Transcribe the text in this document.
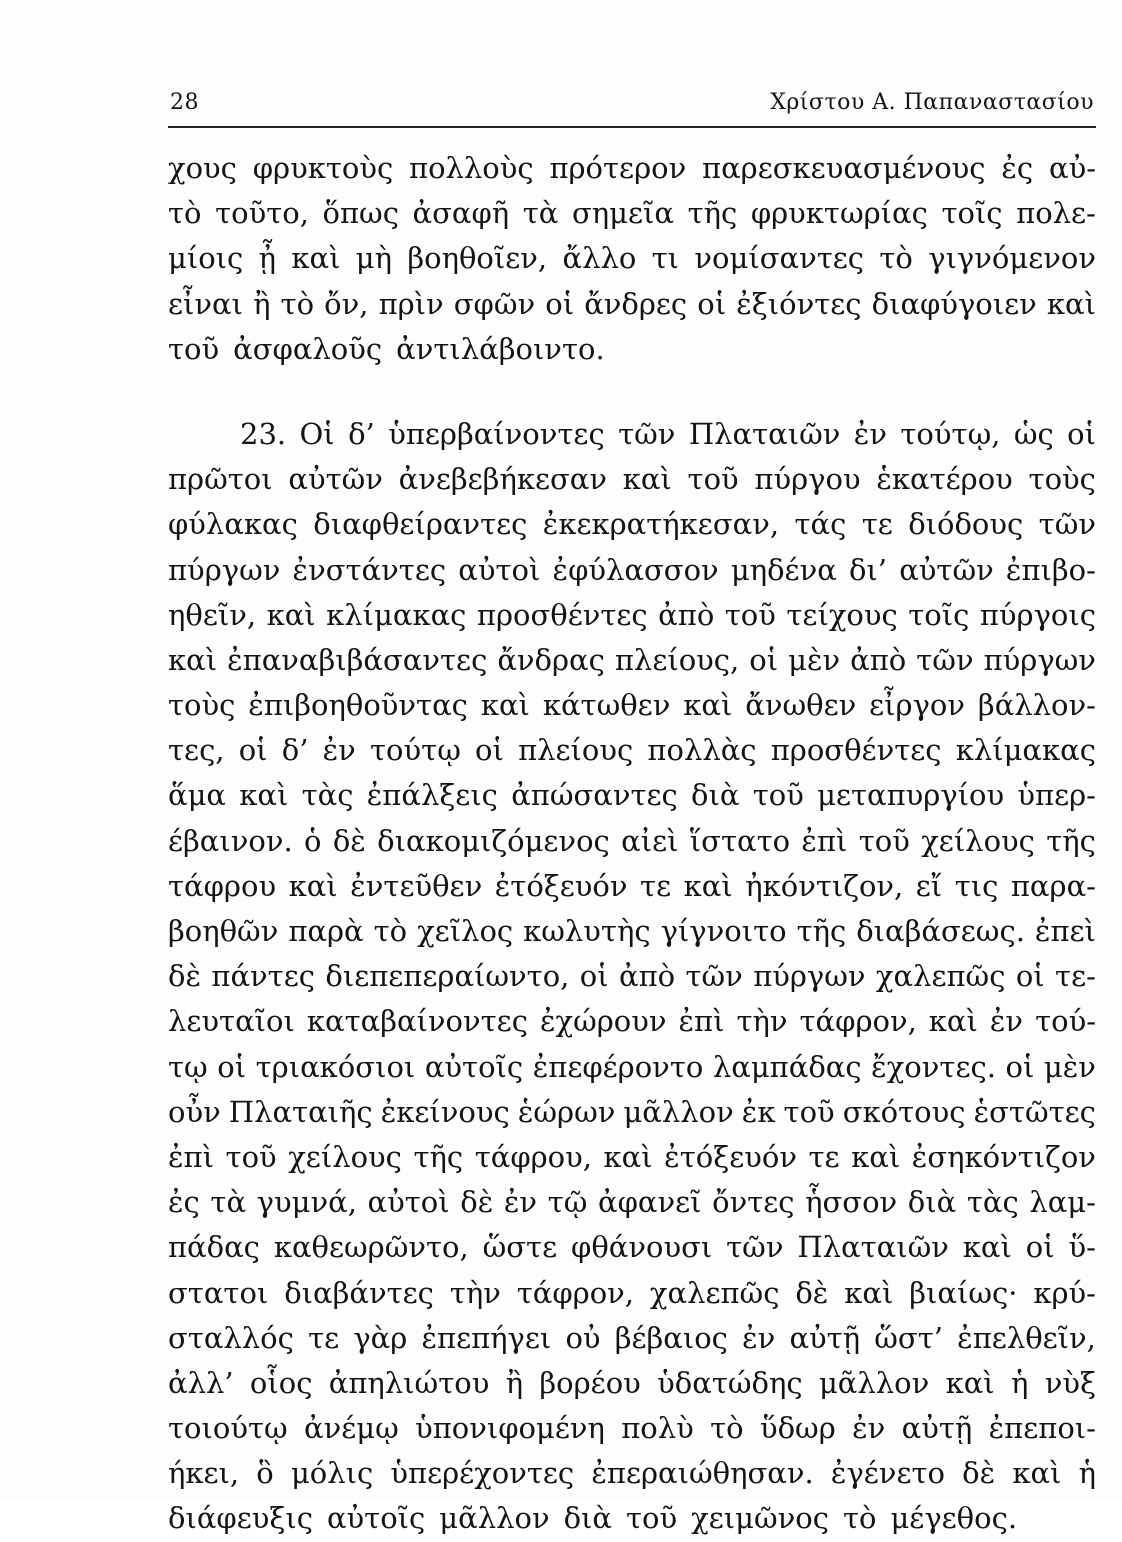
28	Χρίστου Α. Παπαναστασίου
χους φρυκτοὺς πολλοὺς πρότερον παρεσκευασμένους ἐς αὐ-
τὸ τοῦτο, ὅπως ἀσαφῆ τὰ σημεῖα τῆς φρυκτωρίας τοῖς πολε-
μίοις ᾖ καὶ μὴ βοηθοῖεν, ἄλλο τι νομίσαντες τὸ γιγνόμενον
εἶναι ἢ τὸ ὄν, πρὶν σφῶν οἱ ἄνδρες οἱ ἐξιόντες διαφύγοιεν καὶ
τοῦ ἀσφαλοῦς ἀντιλάβοιντο.
23. Οἱ δ’ ὑπερβαίνοντες τῶν Πλαταιῶν ἐν τούτῳ, ὡς οἱ
πρῶτοι αὐτῶν ἀνεβεβήκεσαν καὶ τοῦ πύργου ἑκατέρου τοὺς
φύλακας διαφθείραντες ἐκεκρατήκεσαν, τάς τε διόδους τῶν
πύργων ἐνστάντες αὐτοὶ ἐφύλασσον μηδένα δι’ αὐτῶν ἐπιβο-
ηθεῖν, καὶ κλίμακας προσθέντες ἀπὸ τοῦ τείχους τοῖς πύργοις
καὶ ἐπαναβιβάσαντες ἄνδρας πλείους, οἱ μὲν ἀπὸ τῶν πύργων
τοὺς ἐπιβοηθοῦντας καὶ κάτωθεν καὶ ἄνωθεν εἶργον βάλλον-
τες, οἱ δ’ ἐν τούτῳ οἱ πλείους πολλὰς προσθέντες κλίμακας
ἅμα καὶ τὰς ἐπάλξεις ἀπώσαντες διὰ τοῦ μεταπυργίου ὑπερ-
έβαινον. ὁ δὲ διακομιζόμενος αἰεὶ ἵστατο ἐπὶ τοῦ χείλους τῆς
τάφρου καὶ ἐντεῦθεν ἐτόξευόν τε καὶ ἠκόντιζον, εἴ τις παρα-
βοηθῶν παρὰ τὸ χεῖλος κωλυτὴς γίγνοιτο τῆς διαβάσεως. ἐπεὶ
δὲ πάντες διεπεπεραίωντο, οἱ ἀπὸ τῶν πύργων χαλεπῶς οἱ τε-
λευταῖοι καταβαίνοντες ἐχώρουν ἐπὶ τὴν τάφρον, καὶ ἐν τού-
τῳ οἱ τριακόσιοι αὐτοῖς ἐπεφέροντο λαμπάδας ἔχοντες. οἱ μὲν
οὖν Πλαταιῆς ἐκείνους ἑώρων μᾶλλον ἐκ τοῦ σκότους ἑστῶτες
ἐπὶ τοῦ χείλους τῆς τάφρου, καὶ ἐτόξευόν τε καὶ ἐσηκόντιζον
ἐς τὰ γυμνά, αὐτοὶ δὲ ἐν τῷ ἀφανεῖ ὄντες ἧσσον διὰ τὰς λαμ-
πάδας καθεωρῶντο, ὥστε φθάνουσι τῶν Πλαταιῶν καὶ οἱ ὕ-
στατοι διαβάντες τὴν τάφρον, χαλεπῶς δὲ καὶ βιαίως· κρύ-
σταλλός τε γὰρ ἐπεπήγει οὐ βέβαιος ἐν αὐτῇ ὥστ’ ἐπελθεῖν,
ἀλλ’ οἷος ἀπηλιώτου ἢ βορέου ὑδατώδης μᾶλλον καὶ ἡ νὺξ
τοιούτῳ ἀνέμῳ ὑπονιφομένη πολὺ τὸ ὕδωρ ἐν αὐτῇ ἐπεποι-
ήκει, ὃ μόλις ὑπερέχοντες ἐπεραιώθησαν. ἐγένετο δὲ καὶ ἡ
διάφευξις αὐτοῖς μᾶλλον διὰ τοῦ χειμῶνος τὸ μέγεθος.
